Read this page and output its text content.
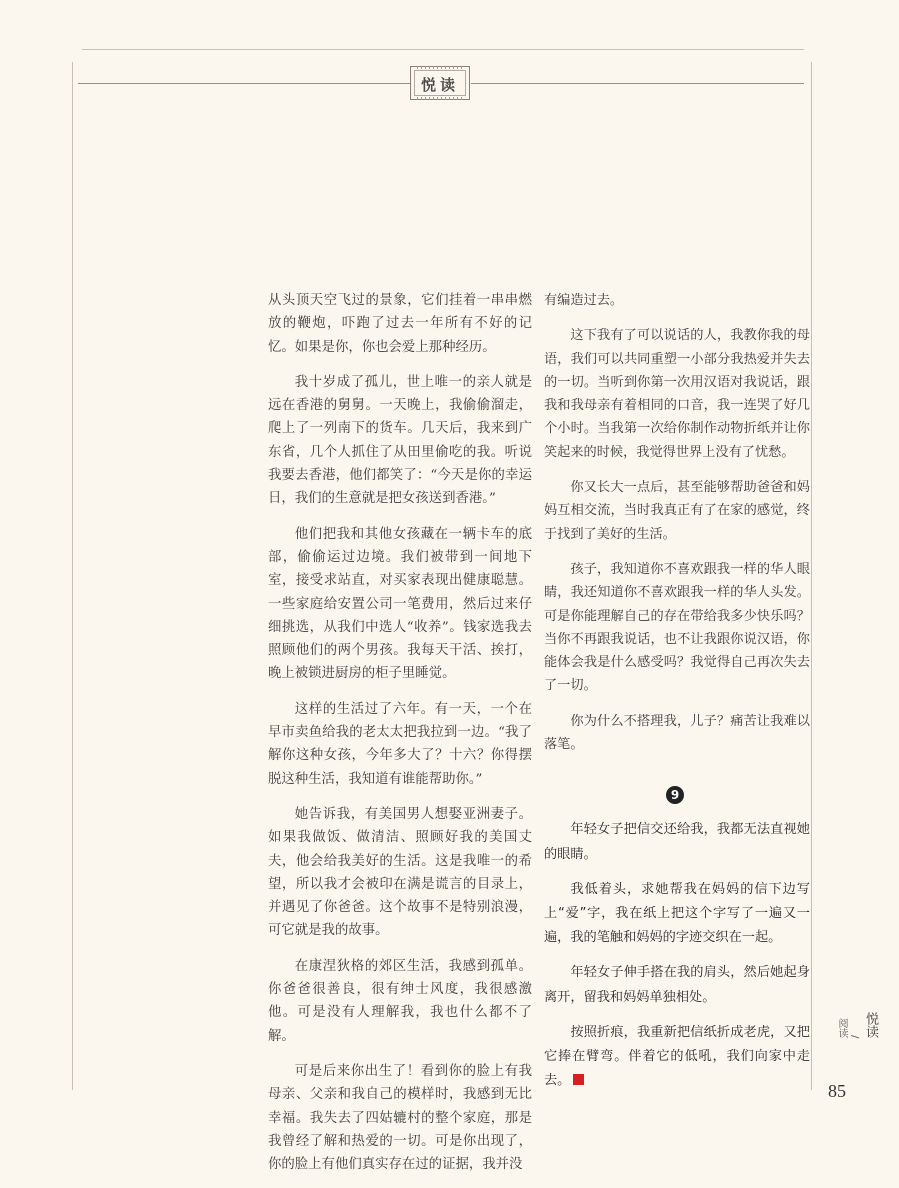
悦读

从头顶天空飞过的景象，它们挂着一串串燃放的鞭炮，吓跑了过去一年所有不好的记忆。如果是你，你也会爱上那种经历。

我十岁成了孤儿，世上唯一的亲人就是远在香港的舅舅。一天晚上，我偷偷溜走，爬上了一列南下的货车。几天后，我来到广东省，几个人抓住了从田里偷吃的我。听说我要去香港，他们都笑了：“今天是你的幸运日，我们的生意就是把女孩送到香港。”

他们把我和其他女孩藏在一辆卡车的底部，偷偷运过边境。我们被带到一间地下室，接受求站直，对买家表现出健康聪慧。一些家庭给安置公司一笔费用，然后过来仔细挑选，从我们中选人“收养”。钱家选我去照顾他们的两个男孩。我每天干活、挨打，晚上被锁进厨房的柜子里睡觉。

这样的生活过了六年。有一天，一个在早市卖鱼给我的老太太把我拉到一边。“我了解你这种女孩，今年多大了？十六？你得摆脱这种生活，我知道有谁能帮助你。”

她告诉我，有美国男人想娶亚洲妻子。如果我做饭、做清洁、照顾好我的美国丈夫，他会给我美好的生活。这是我唯一的希望，所以我才会被印在满是谎言的目录上，并遇见了你爸爸。这个故事不是特别浪漫，可它就是我的故事。

在康涅狄格的郊区生活，我感到孤单。你爸爸很善良，很有绅士风度，我很感激他。可是没有人理解我，我也什么都不了解。

可是后来你出生了！看到你的脸上有我母亲、父亲和我自己的模样时，我感到无比幸福。我失去了四姑辘村的整个家庭，那是我曾经了解和热爱的一切。可是你出现了，你的脸上有他们真实存在过的证据，我并没

有编造过去。

这下我有了可以说话的人，我教你我的母语，我们可以共同重塑一小部分我热爱并失去的一切。当听到你第一次用汉语对我说话，跟我和我母亲有着相同的口音，我一连哭了好几个小时。当我第一次给你制作动物折纸并让你笑起来的时候，我觉得世界上没有了忧愁。

你又长大一点后，甚至能够帮助爸爸和妈妈互相交流，当时我真正有了在家的感觉，终于找到了美好的生活。

孩子，我知道你不喜欢跟我一样的华人眼睛，我还知道你不喜欢跟我一样的华人头发。可是你能理解自己的存在带给我多少快乐吗？当你不再跟我说话，也不让我跟你说汉语，你能体会我是什么感受吗？我觉得自己再次失去了一切。

你为什么不搭理我，儿子？痛苦让我难以落笔。

9

年轻女子把信交还给我，我都无法直视她的眼睛。

我低着头，求她帮我在妈妈的信下边写上“爱”字，我在纸上把这个字写了一遍又一遍，我的笔触和妈妈的字迹交织在一起。

年轻女子伸手搭在我的肩头，然后她起身离开，留我和妈妈单独相处。

按照折痕，我重新把信纸折成老虎，又把它捧在臂弯。伴着它的低吼，我们向家中走去。

阅读 / 悦读
85
